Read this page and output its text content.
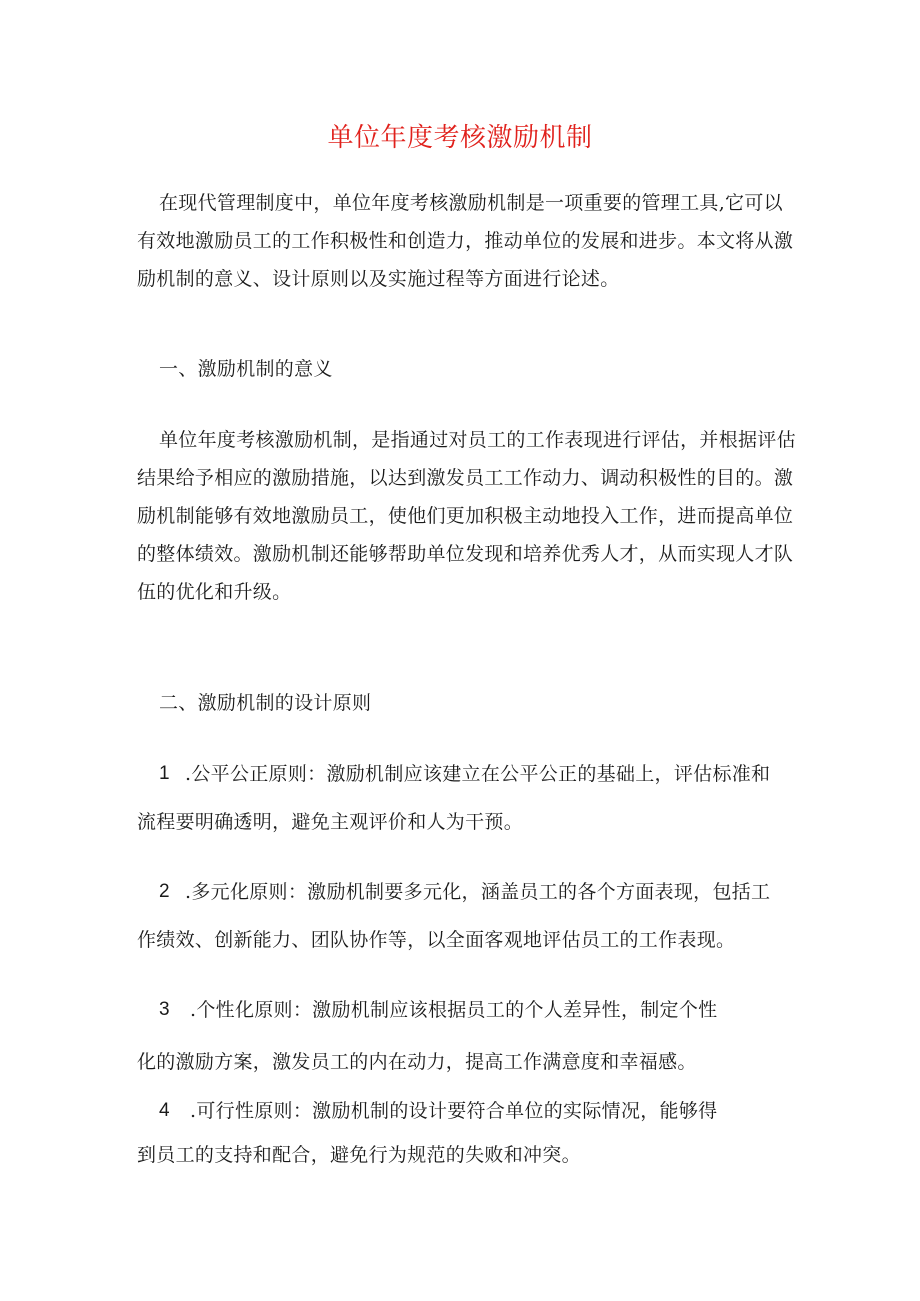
单位年度考核激励机制

在现代管理制度中，单位年度考核激励机制是一项重要的管理工具,它可以有效地激励员工的工作积极性和创造力，推动单位的发展和进步。本文将从激励机制的意义、设计原则以及实施过程等方面进行论述。

一、激励机制的意义

单位年度考核激励机制，是指通过对员工的工作表现进行评估，并根据评估结果给予相应的激励措施，以达到激发员工工作动力、调动积极性的目的。激励机制能够有效地激励员工，使他们更加积极主动地投入工作，进而提高单位的整体绩效。激励机制还能够帮助单位发现和培养优秀人才，从而实现人才队伍的优化和升级。

二、激励机制的设计原则
1 .公平公正原则：激励机制应该建立在公平公正的基础上，评估标准和
流程要明确透明，避免主观评价和人为干预。
2 .多元化原则：激励机制要多元化，涵盖员工的各个方面表现，包括工
作绩效、创新能力、团队协作等，以全面客观地评估员工的工作表现。
3 .个性化原则：激励机制应该根据员工的个人差异性，制定个性
化的激励方案，激发员工的内在动力，提高工作满意度和幸福感。
4 .可行性原则：激励机制的设计要符合单位的实际情况，能够得
到员工的支持和配合，避免行为规范的失败和冲突。
